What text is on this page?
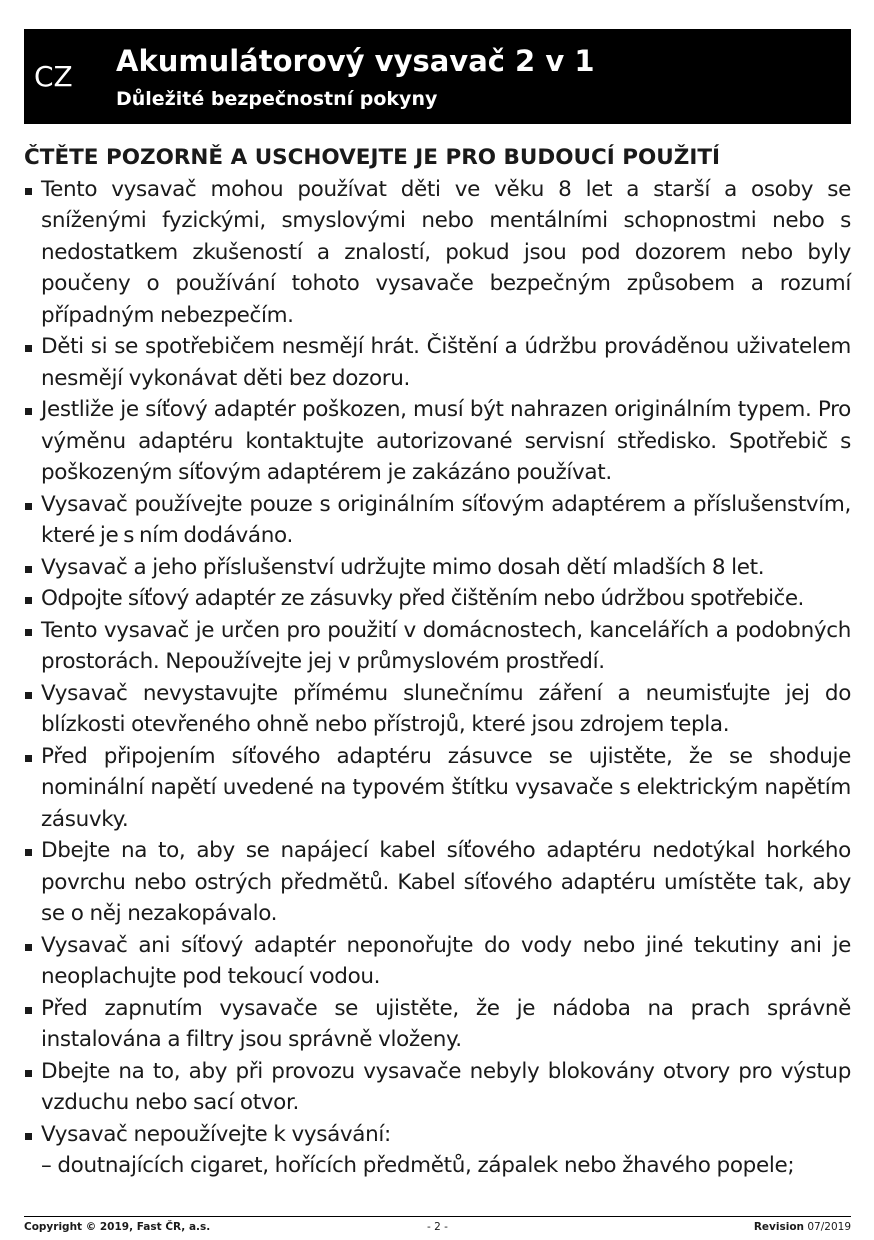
CZ Akumulátorový vysavač 2 v 1
Důležité bezpečnostní pokyny

ČTĚTE POZORNĚ A USCHOVEJTE JE PRO BUDOUCÍ POUŽITÍ

Tento vysavač mohou používat děti ve věku 8 let a starší a osoby se sníženými fyzickými, smyslovými nebo mentálními schopnostmi nebo s nedostatkem zkušeností a znalostí, pokud jsou pod dozorem nebo byly poučeny o používání tohoto vysavače bezpečným způsobem a rozumí případným nebezpečím.
Děti si se spotřebičem nesmějí hrát. Čištění a údržbu prováděnou uživatelem nesmějí vykonávat děti bez dozoru.
Jestliže je síťový adaptér poškozen, musí být nahrazen originálním typem. Pro výměnu adaptéru kontaktujte autorizované servisní středisko. Spotřebič s poškozeným síťovým adaptérem je zakázáno používat.
Vysavač používejte pouze s originálním síťovým adaptérem a příslušenstvím, které je s ním dodáváno.
Vysavač a jeho příslušenství udržujte mimo dosah dětí mladších 8 let.
Odpojte síťový adaptér ze zásuvky před čištěním nebo údržbou spotřebiče.
Tento vysavač je určen pro použití v domácnostech, kancelářích a podobných prostorách. Nepoužívejte jej v průmyslovém prostředí.
Vysavač nevystavujte přímému slunečnímu záření a neumisťujte jej do blízkosti otevřeného ohně nebo přístrojů, které jsou zdrojem tepla.
Před připojením síťového adaptéru zásuvce se ujistěte, že se shoduje nominální napětí uvedené na typovém štítku vysavače s elektrickým napětím zásuvky.
Dbejte na to, aby se napájecí kabel síťového adaptéru nedotýkal horkého povrchu nebo ostrých předmětů. Kabel síťového adaptéru umístěte tak, aby se o něj nezakopávalo.
Vysavač ani síťový adaptér neponořujte do vody nebo jiné tekutiny ani je neoplachujte pod tekoucí vodou.
Před zapnutím vysavače se ujistěte, že je nádoba na prach správně instalována a filtry jsou správně vloženy.
Dbejte na to, aby při provozu vysavače nebyly blokovány otvory pro výstup vzduchu nebo sací otvor.
Vysavač nepoužívejte k vysávání:
– doutnajících cigaret, hořících předmětů, zápalek nebo žhavého popele;
Copyright © 2019, Fast ČR, a.s.	- 2 -	Revision 07/2019
